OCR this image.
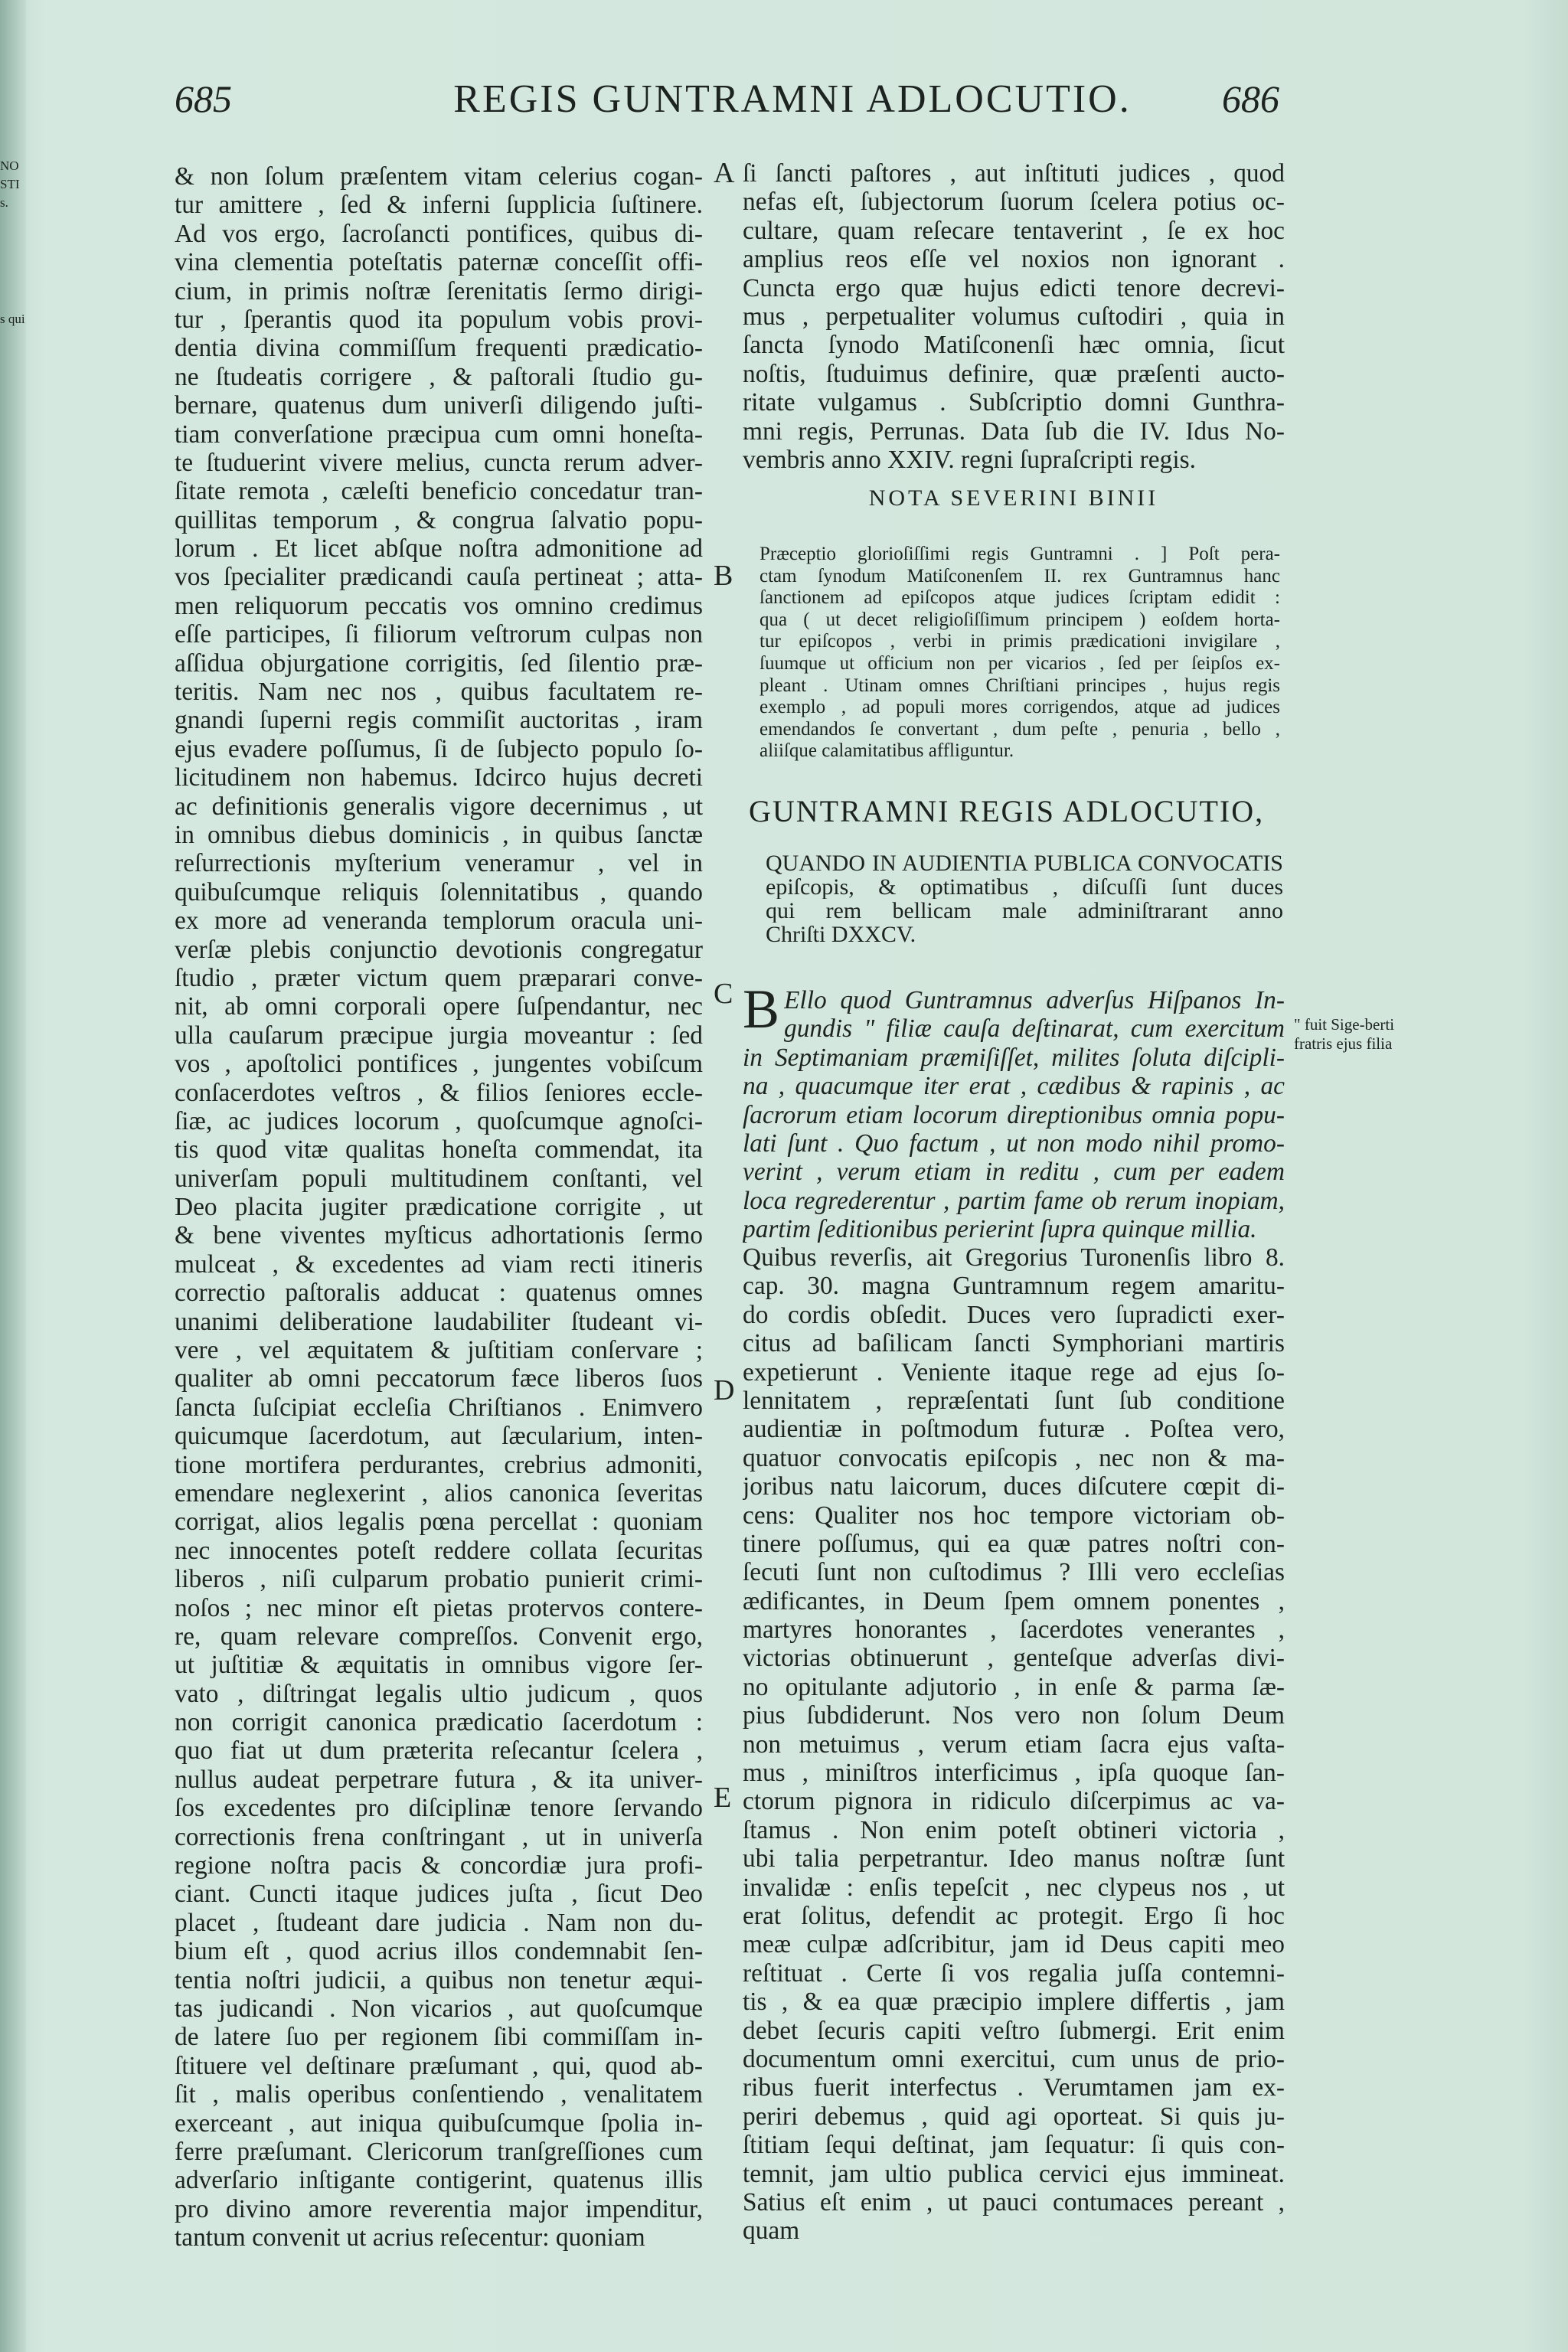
NO
STI
s.
s qui
685	REGIS GUNTRAMNI ADLOCUTIO.	686
& non ſolum præſentem vitam celerius cogan-
tur amittere , ſed & inferni ſupplicia ſuſtinere.
Ad vos ergo, ſacroſancti pontifices, quibus di-
vina clementia poteſtatis paternæ conceſſit offi-
cium, in primis noſtræ ſerenitatis ſermo dirigi-
tur , ſperantis quod ita populum vobis provi-
dentia divina commiſſum frequenti prædicatio-
ne ſtudeatis corrigere , & paſtorali ſtudio gu-
bernare, quatenus dum univerſi diligendo juſti-
tiam converſatione præcipua cum omni honeſta-
te ſtuduerint vivere melius, cuncta rerum adver-
ſitate remota , cæleſti beneficio concedatur tran-
quillitas temporum , & congrua ſalvatio popu-
lorum . Et licet abſque noſtra admonitione ad
vos ſpecialiter prædicandi cauſa pertineat ; atta-
men reliquorum peccatis vos omnino credimus
eſſe participes, ſi filiorum veſtrorum culpas non
aſſidua objurgatione corrigitis, ſed ſilentio præ-
teritis. Nam nec nos , quibus facultatem re-
gnandi ſuperni regis commiſit auctoritas , iram
ejus evadere poſſumus, ſi de ſubjecto populo ſo-
licitudinem non habemus. Idcirco hujus decreti
ac definitionis generalis vigore decernimus , ut
in omnibus diebus dominicis , in quibus ſanctæ
reſurrectionis myſterium veneramur , vel in
quibuſcumque reliquis ſolennitatibus , quando
ex more ad veneranda templorum oracula uni-
verſæ plebis conjunctio devotionis congregatur
ſtudio , præter victum quem præparari conve-
nit, ab omni corporali opere ſuſpendantur, nec
ulla cauſarum præcipue jurgia moveantur : ſed
vos , apoſtolici pontifices , jungentes vobiſcum
conſacerdotes veſtros , & filios ſeniores eccle-
ſiæ, ac judices locorum , quoſcumque agnoſci-
tis quod vitæ qualitas honeſta commendat, ita
univerſam populi multitudinem conſtanti, vel
Deo placita jugiter prædicatione corrigite , ut
& bene viventes myſticus adhortationis ſermo
mulceat , & excedentes ad viam recti itineris
correctio paſtoralis adducat : quatenus omnes
unanimi deliberatione laudabiliter ſtudeant vi-
vere , vel æquitatem & juſtitiam conſervare ;
qualiter ab omni peccatorum fæce liberos ſuos
ſancta ſuſcipiat eccleſia Chriſtianos . Enimvero
quicumque ſacerdotum, aut ſæcularium, inten-
tione mortifera perdurantes, crebrius admoniti,
emendare neglexerint , alios canonica ſeveritas
corrigat, alios legalis pœna percellat : quoniam
nec innocentes poteſt reddere collata ſecuritas
liberos , niſi culparum probatio punierit crimi-
noſos ; nec minor eſt pietas protervos contere-
re, quam relevare compreſſos. Convenit ergo,
ut juſtitiæ & æquitatis in omnibus vigore ſer-
vato , diſtringat legalis ultio judicum , quos
non corrigit canonica prædicatio ſacerdotum :
quo fiat ut dum præterita reſecantur ſcelera ,
nullus audeat perpetrare futura , & ita univer-
ſos excedentes pro diſciplinæ tenore ſervando
correctionis frena conſtringant , ut in univerſa
regione noſtra pacis & concordiæ jura profi-
ciant. Cuncti itaque judices juſta , ſicut Deo
placet , ſtudeant dare judicia . Nam non du-
bium eſt , quod acrius illos condemnabit ſen-
tentia noſtri judicii, a quibus non tenetur æqui-
tas judicandi . Non vicarios , aut quoſcumque
de latere ſuo per regionem ſibi commiſſam in-
ſtituere vel deſtinare præſumant , qui, quod ab-
ſit , malis operibus conſentiendo , venalitatem
exerceant , aut iniqua quibuſcumque ſpolia in-
ferre præſumant. Clericorum tranſgreſſiones cum
adverſario inſtigante contigerint, quatenus illis
pro divino amore reverentia major impenditur,
tantum convenit ut acrius reſecentur: quoniam
A
B
C
D
E
ſi ſancti paſtores , aut inſtituti judices , quod
nefas eſt, ſubjectorum ſuorum ſcelera potius oc-
cultare, quam reſecare tentaverint , ſe ex hoc
amplius reos eſſe vel noxios non ignorant .
Cuncta ergo quæ hujus edicti tenore decrevi-
mus , perpetualiter volumus cuſtodiri , quia in
ſancta ſynodo Matiſconenſi hæc omnia, ſicut
noſtis, ſtuduimus definire, quæ præſenti aucto-
ritate vulgamus . Subſcriptio domni Gunthra-
mni regis, Perrunas. Data ſub die IV. Idus No-
vembris anno XXIV. regni ſupraſcripti regis.
NOTA SEVERINI BINII
Præceptio glorioſiſſimi regis Guntramni . ] Poſt pera-
ctam ſynodum Matiſconenſem II. rex Guntramnus hanc
ſanctionem ad epiſcopos atque judices ſcriptam edidit :
qua ( ut decet religioſiſſimum principem ) eoſdem horta-
tur epiſcopos , verbi in primis prædicationi invigilare ,
ſuumque ut officium non per vicarios , ſed per ſeipſos ex-
pleant . Utinam omnes Chriſtiani principes , hujus regis
exemplo , ad populi mores corrigendos, atque ad judices
emendandos ſe convertant , dum peſte , penuria , bello ,
aliiſque calamitatibus affliguntur.
GUNTRAMNI REGIS ADLOCUTIO,
QUANDO IN AUDIENTIA PUBLICA CONVOCATIS
epiſcopis, & optimatibus , diſcuſſi ſunt duces
qui rem bellicam male adminiſtrarant anno
Chriſti DXXCV.
B Ello quod Guntramnus adverſus Hiſpanos In-
gundis " filiæ cauſa deſtinarat, cum exercitum
in Septimaniam præmiſiſſet, milites ſoluta diſcipli-
na , quacumque iter erat , cædibus & rapinis , ac
ſacrorum etiam locorum direptionibus omnia popu-
lati ſunt . Quo factum , ut non modo nihil promo-
verint , verum etiam in reditu , cum per eadem
loca regrederentur , partim fame ob rerum inopiam,
partim ſeditionibus perierint ſupra quinque millia.
" fuit Sige-berti fratris ejus filia
Quibus reverſis, ait Gregorius Turonenſis libro 8.
cap. 30. magna Guntramnum regem amaritu-
do cordis obſedit. Duces vero ſupradicti exer-
citus ad baſilicam ſancti Symphoriani martiris
expetierunt . Veniente itaque rege ad ejus ſo-
lennitatem , repræſentati ſunt ſub conditione
audientiæ in poſtmodum futuræ . Poſtea vero,
quatuor convocatis epiſcopis , nec non & ma-
joribus natu laicorum, duces diſcutere cœpit di-
cens: Qualiter nos hoc tempore victoriam ob-
tinere poſſumus, qui ea quæ patres noſtri con-
ſecuti ſunt non cuſtodimus ? Illi vero eccleſias
ædificantes, in Deum ſpem omnem ponentes ,
martyres honorantes , ſacerdotes venerantes ,
victorias obtinuerunt , genteſque adverſas divi-
no opitulante adjutorio , in enſe & parma ſæ-
pius ſubdiderunt. Nos vero non ſolum Deum
non metuimus , verum etiam ſacra ejus vaſta-
mus , miniſtros interficimus , ipſa quoque ſan-
ctorum pignora in ridiculo diſcerpimus ac va-
ſtamus . Non enim poteſt obtineri victoria ,
ubi talia perpetrantur. Ideo manus noſtræ ſunt
invalidæ : enſis tepeſcit , nec clypeus nos , ut
erat ſolitus, defendit ac protegit. Ergo ſi hoc
meæ culpæ adſcribitur, jam id Deus capiti meo
reſtituat . Certe ſi vos regalia juſſa contemni-
tis , & ea quæ præcipio implere differtis , jam
debet ſecuris capiti veſtro ſubmergi. Erit enim
documentum omni exercitui, cum unus de prio-
ribus fuerit interfectus . Verumtamen jam ex-
periri debemus , quid agi oporteat. Si quis ju-
ſtitiam ſequi deſtinat, jam ſequatur: ſi quis con-
temnit, jam ultio publica cervici ejus immineat.
Satius eſt enim , ut pauci contumaces pereant ,
quam
